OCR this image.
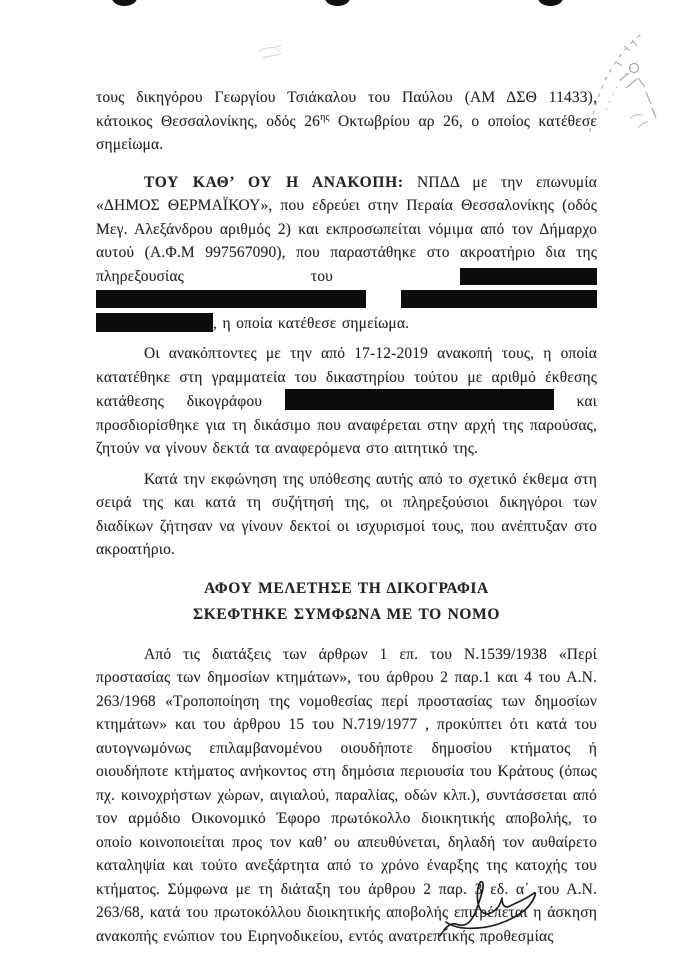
τους δικηγόρου Γεωργίου Τσιάκαλου του Παύλου (ΑΜ ΔΣΘ 11433), κάτοικος Θεσσαλονίκης, οδός $26^{\eta\varsigma}$ Οκτωβρίου αρ 26, ο οποίος κατέθεσε σημείωμα.

ΤΟΥ ΚΑΘ’ ΟΥ Η ΑΝΑΚΟΠΗ: ΝΠΔΔ με την επωνυμία «ΔΗΜΟΣ ΘΕΡΜΑΪΚΟΥ», που εδρεύει στην Περαία Θεσσαλονίκης (οδός Μεγ. Αλεξάνδρου αριθμός 2) και εκπροσωπείται νόμιμα από τον Δήμαρχο αυτού (Α.Φ.Μ 997567090), που παραστάθηκε στο ακροατήριο δια της πληρεξουσίας του    , η οποία κατέθεσε σημείωμα.

Οι ανακόπτοντες με την από 17-12-2019 ανακοπή τους, η οποία κατατέθηκε στη γραμματεία του δικαστηρίου τούτου με αριθμό έκθεσης κατάθεσης δικογράφου	και προσδιορίσθηκε για τη δικάσιμο που αναφέρεται στην αρχή της παρούσας, ζητούν να γίνουν δεκτά τα αναφερόμενα στο αιτητικό της.

Κατά την εκφώνηση της υπόθεσης αυτής από το σχετικό έκθεμα στη σειρά της και κατά τη συζήτησή της, οι πληρεξούσιοι δικηγόροι των διαδίκων ζήτησαν να γίνουν δεκτοί οι ισχυρισμοί τους, που ανέπτυξαν στο ακροατήριο.

ΑΦΟΥ ΜΕΛΕΤΗΣΕ ΤΗ ΔΙΚΟΓΡΑΦΙΑ
ΣΚΕΦΤΗΚΕ ΣΥΜΦΩΝΑ ΜΕ ΤΟ ΝΟΜΟ

Από τις διατάξεις των άρθρων 1 επ. του Ν.1539/1938 «Περί προστασίας των δημοσίων κτημάτων», του άρθρου 2 παρ.1 και 4 του Α.Ν. 263/1968 «Τροποποίηση της νομοθεσίας περί προστασίας των δημοσίων κτημάτων» και του άρθρου 15 του Ν.719/1977 , προκύπτει ότι κατά του αυτογνωμόνως επιλαμβανομένου οιουδήποτε δημοσίου κτήματος ή οιουδήποτε κτήματος ανήκοντος στη δημόσια περιουσία του Κράτους (όπως πχ. κοινοχρήστων χώρων, αιγιαλού, παραλίας, οδών κλπ.), συντάσσεται από τον αρμόδιο Οικονομικό Έφορο πρωτόκολλο διοικητικής αποβολής, το οποίο κοινοποιείται προς τον καθ’ ου απευθύνεται, δηλαδή τον αυθαίρετο καταληψία και τούτο ανεξάρτητα από το χρόνο έναρξης της κατοχής του κτήματος. Σύμφωνα με τη διάταξη του άρθρου 2 παρ. 3 εδ. α΄ του Α.Ν. 263/68, κατά του πρωτοκόλλου διοικητικής αποβολής επιτρέπεται η άσκηση ανακοπής ενώπιον του Ειρηνοδικείου, εντός ανατρεπτικής προθεσμίας
